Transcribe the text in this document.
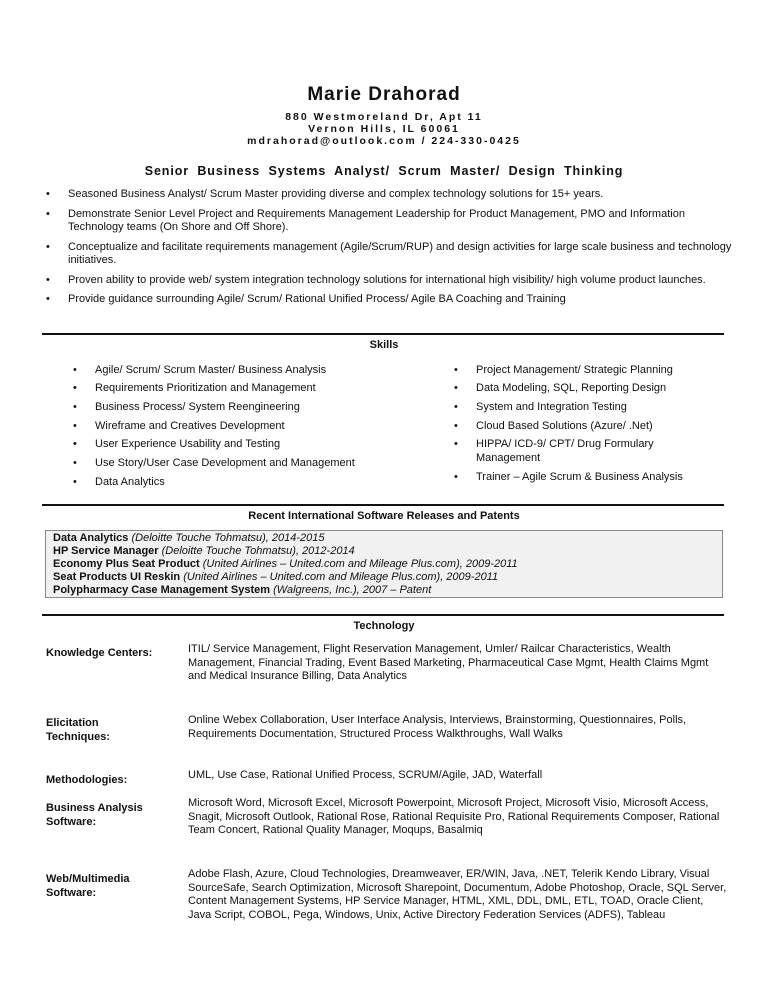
Marie Drahorad
880 Westmoreland Dr, Apt 11
Vernon Hills, IL 60061
mdrahorad@outlook.com / 224-330-0425
Senior Business Systems Analyst/ Scrum Master/ Design Thinking
• Seasoned Business Analyst/ Scrum Master providing diverse and complex technology solutions for 15+ years.
• Demonstrate Senior Level Project and Requirements Management Leadership for Product Management, PMO and Information Technology teams (On Shore and Off Shore).
• Conceptualize and facilitate requirements management (Agile/Scrum/RUP) and design activities for large scale business and technology initiatives.
• Proven ability to provide web/ system integration technology solutions for international high visibility/ high volume product launches.
• Provide guidance surrounding Agile/ Scrum/ Rational Unified Process/ Agile BA Coaching and Training
Skills
• Agile/ Scrum/ Scrum Master/ Business Analysis
• Requirements Prioritization and Management
• Business Process/ System Reengineering
• Wireframe and Creatives Development
• User Experience Usability and Testing
• Use Story/User Case Development and Management
• Data Analytics
• Project Management/ Strategic Planning
• Data Modeling, SQL, Reporting Design
• System and Integration Testing
• Cloud Based Solutions (Azure/ .Net)
• HIPPA/ ICD-9/ CPT/ Drug Formulary Management
• Trainer – Agile Scrum & Business Analysis
Recent International Software Releases and Patents
Data Analytics (Deloitte Touche Tohmatsu), 2014-2015
HP Service Manager (Deloitte Touche Tohmatsu), 2012-2014
Economy Plus Seat Product (United Airlines – United.com and Mileage Plus.com), 2009-2011
Seat Products UI Reskin (United Airlines – United.com and Mileage Plus.com), 2009-2011
Polypharmacy Case Management System (Walgreens, Inc.), 2007 – Patent
Technology
Knowledge Centers:	ITIL/ Service Management, Flight Reservation Management, Umler/ Railcar Characteristics, Wealth Management, Financial Trading, Event Based Marketing, Pharmaceutical Case Mgmt, Health Claims Mgmt and Medical Insurance Billing, Data Analytics
Elicitation Techniques:
Online Webex Collaboration, User Interface Analysis, Interviews, Brainstorming, Questionnaires, Polls, Requirements Documentation, Structured Process Walkthroughs, Wall Walks
Methodologies:	UML, Use Case, Rational Unified Process, SCRUM/Agile, JAD, Waterfall
Business Analysis Software:
Microsoft Word, Microsoft Excel, Microsoft Powerpoint, Microsoft Project, Microsoft Visio, Microsoft Access, Snagit, Microsoft Outlook, Rational Rose, Rational Requisite Pro, Rational Requirements Composer, Rational Team Concert, Rational Quality Manager, Moqups, Basalmiq
Web/Multimedia Software:
Adobe Flash, Azure, Cloud Technologies, Dreamweaver, ER/WIN, Java, .NET, Telerik Kendo Library, Visual SourceSafe, Search Optimization, Microsoft Sharepoint, Documentum, Adobe Photoshop, Oracle, SQL Server, Content Management Systems, HP Service Manager, HTML, XML, DDL, DML, ETL, TOAD, Oracle Client, Java Script, COBOL, Pega, Windows, Unix, Active Directory Federation Services (ADFS), Tableau
